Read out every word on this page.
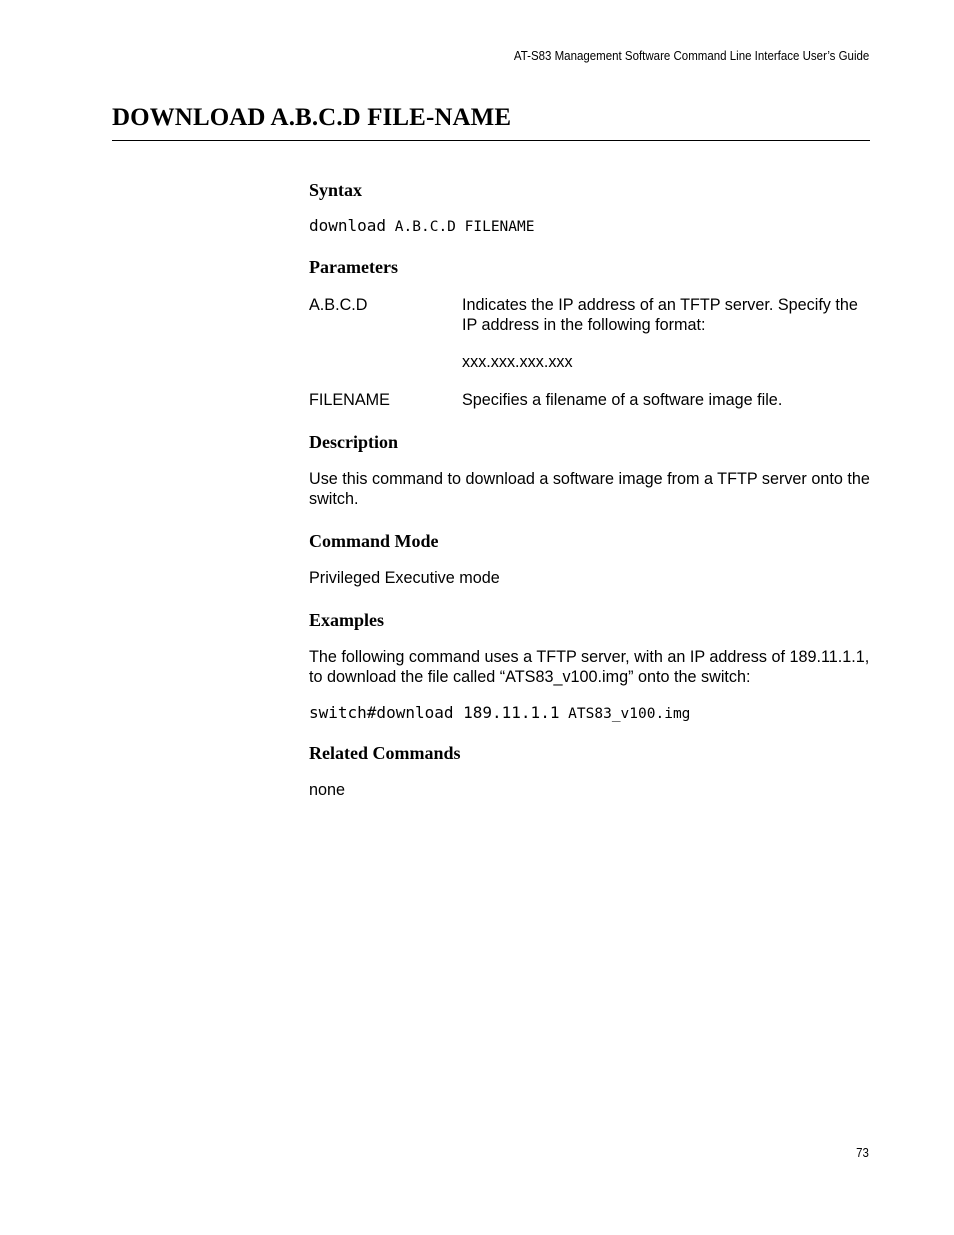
AT-S83 Management Software Command Line Interface User’s Guide
DOWNLOAD A.B.C.D FILE-NAME
Syntax

download A.B.C.D FILENAME

Parameters
A.B.C.D	Indicates the IP address of an TFTP server. Specify the IP address in the following format:

xxx.xxx.xxx.xxx

FILENAME	Specifies a filename of a software image file.
Description

Use this command to download a software image from a TFTP server onto the switch.

Command Mode

Privileged Executive mode

Examples

The following command uses a TFTP server, with an IP address of 189.11.1.1, to download the file called “ATS83_v100.img” onto the switch:

switch#download 189.11.1.1 ATS83_v100.img

Related Commands

none

73
